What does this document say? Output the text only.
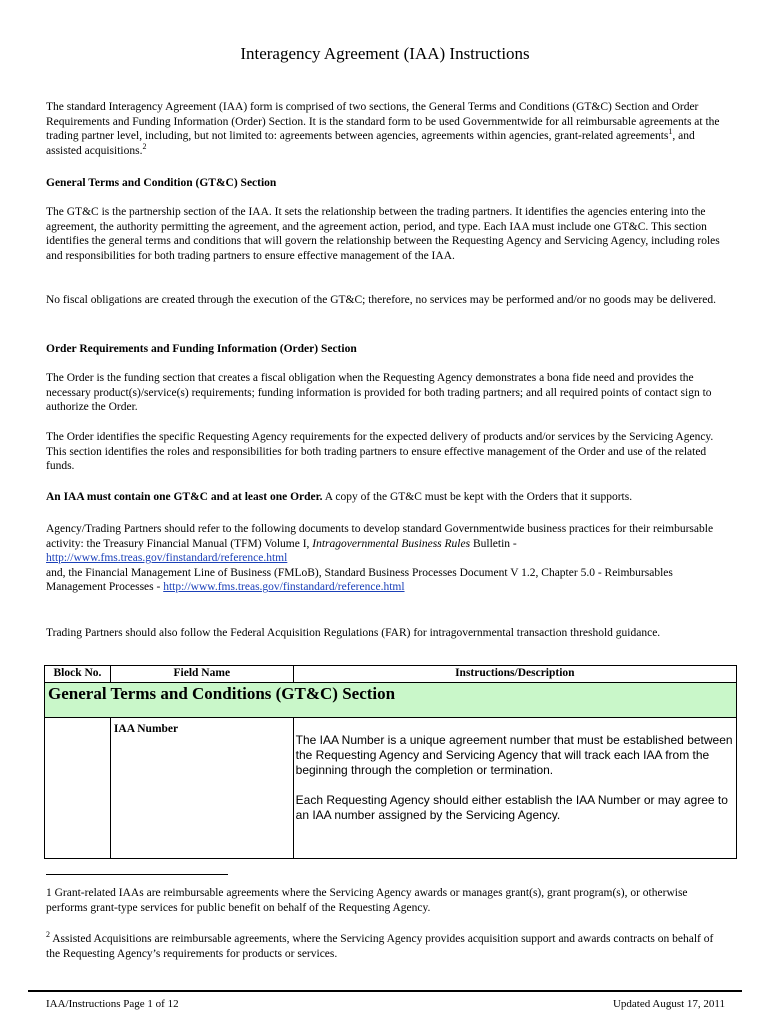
Interagency Agreement (IAA) Instructions

The standard Interagency Agreement (IAA) form is comprised of two sections, the General Terms and Conditions (GT&C) Section and Order Requirements and Funding Information (Order) Section. It is the standard form to be used Governmentwide for all reimbursable agreements at the trading partner level, including, but not limited to: agreements between agencies, agreements within agencies, grant-related agreements$^1$, and assisted acquisitions.$^2$

General Terms and Condition (GT&C) Section

The GT&C is the partnership section of the IAA. It sets the relationship between the trading partners. It identifies the agencies entering into the agreement, the authority permitting the agreement, and the agreement action, period, and type. Each IAA must include one GT&C. This section identifies the general terms and conditions that will govern the relationship between the Requesting Agency and Servicing Agency, including roles and responsibilities for both trading partners to ensure effective management of the IAA.

No fiscal obligations are created through the execution of the GT&C; therefore, no services may be performed and/or no goods may be delivered.

Order Requirements and Funding Information (Order) Section

The Order is the funding section that creates a fiscal obligation when the Requesting Agency demonstrates a bona fide need and provides the necessary product(s)/service(s) requirements; funding information is provided for both trading partners; and all required points of contact sign to authorize the Order.

The Order identifies the specific Requesting Agency requirements for the expected delivery of products and/or services by the Servicing Agency. This section identifies the roles and responsibilities for both trading partners to ensure effective management of the Order and use of the related funds.

An IAA must contain one GT&C and at least one Order. A copy of the GT&C must be kept with the Orders that it supports.

Agency/Trading Partners should refer to the following documents to develop standard Governmentwide business practices for their reimbursable activity: the Treasury Financial Manual (TFM) Volume I, Intragovernmental Business Rules Bulletin -
http://www.fms.treas.gov/finstandard/reference.html
and, the Financial Management Line of Business (FMLoB), Standard Business Processes Document V 1.2, Chapter 5.0 - Reimbursables Management Processes - http://www.fms.treas.gov/finstandard/reference.html

Trading Partners should also follow the Federal Acquisition Regulations (FAR) for intragovernmental transaction threshold guidance.

Block No.	Field Name	Instructions/Description

General Terms and Conditions (GT&C) Section		

	IAA Number	The IAA Number is a unique agreement number that must be established between the Requesting Agency and Servicing Agency that will track each IAA from the beginning through the completion or termination.

Each Requesting Agency should either establish the IAA Number or may agree to an IAA number assigned by the Servicing Agency.

1 Grant-related IAAs are reimbursable agreements where the Servicing Agency awards or manages grant(s), grant program(s), or otherwise performs grant-type services for public benefit on behalf of the Requesting Agency.

$^2$ Assisted Acquisitions are reimbursable agreements, where the Servicing Agency provides acquisition support and awards contracts on behalf of the Requesting Agency’s requirements for products or services.

IAA/Instructions Page 1 of 12	Updated August 17, 2011
